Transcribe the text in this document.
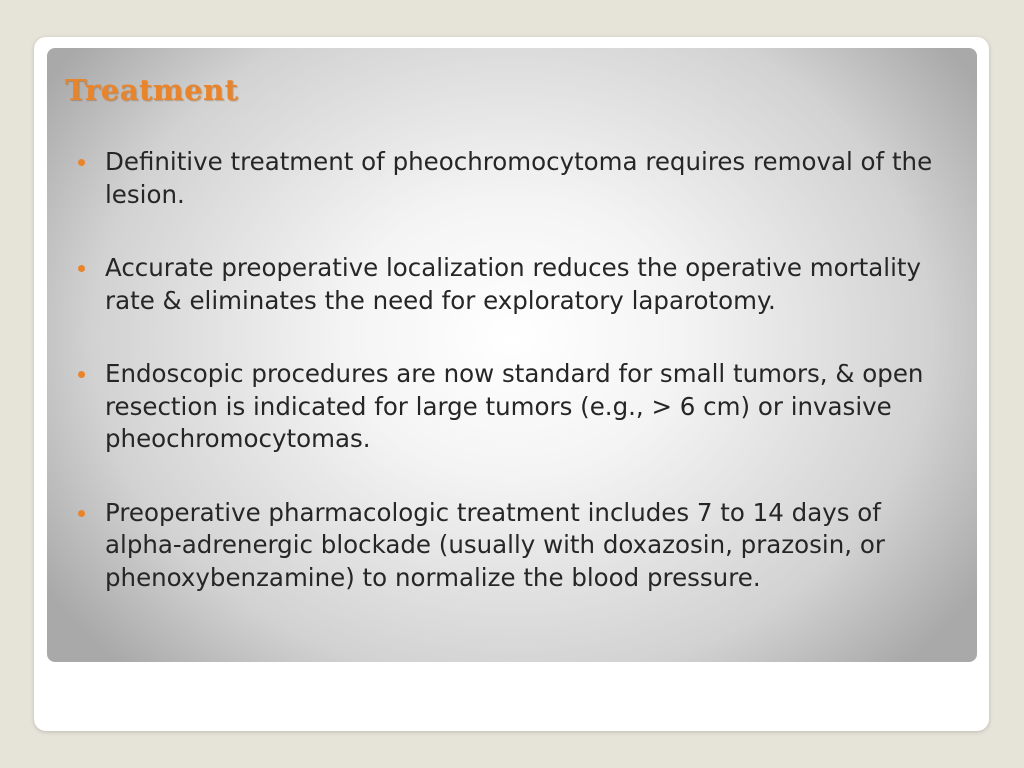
Treatment
Definitive treatment of pheochromocytoma requires removal of the lesion.
Accurate preoperative localization reduces the operative mortality rate & eliminates the need for exploratory laparotomy.
Endoscopic procedures are now standard for small tumors, & open resection is indicated for large tumors (e.g., > 6 cm) or invasive pheochromocytomas.
Preoperative pharmacologic treatment includes 7 to 14 days of alpha-adrenergic blockade (usually with doxazosin, prazosin, or phenoxybenzamine) to normalize the blood pressure.
